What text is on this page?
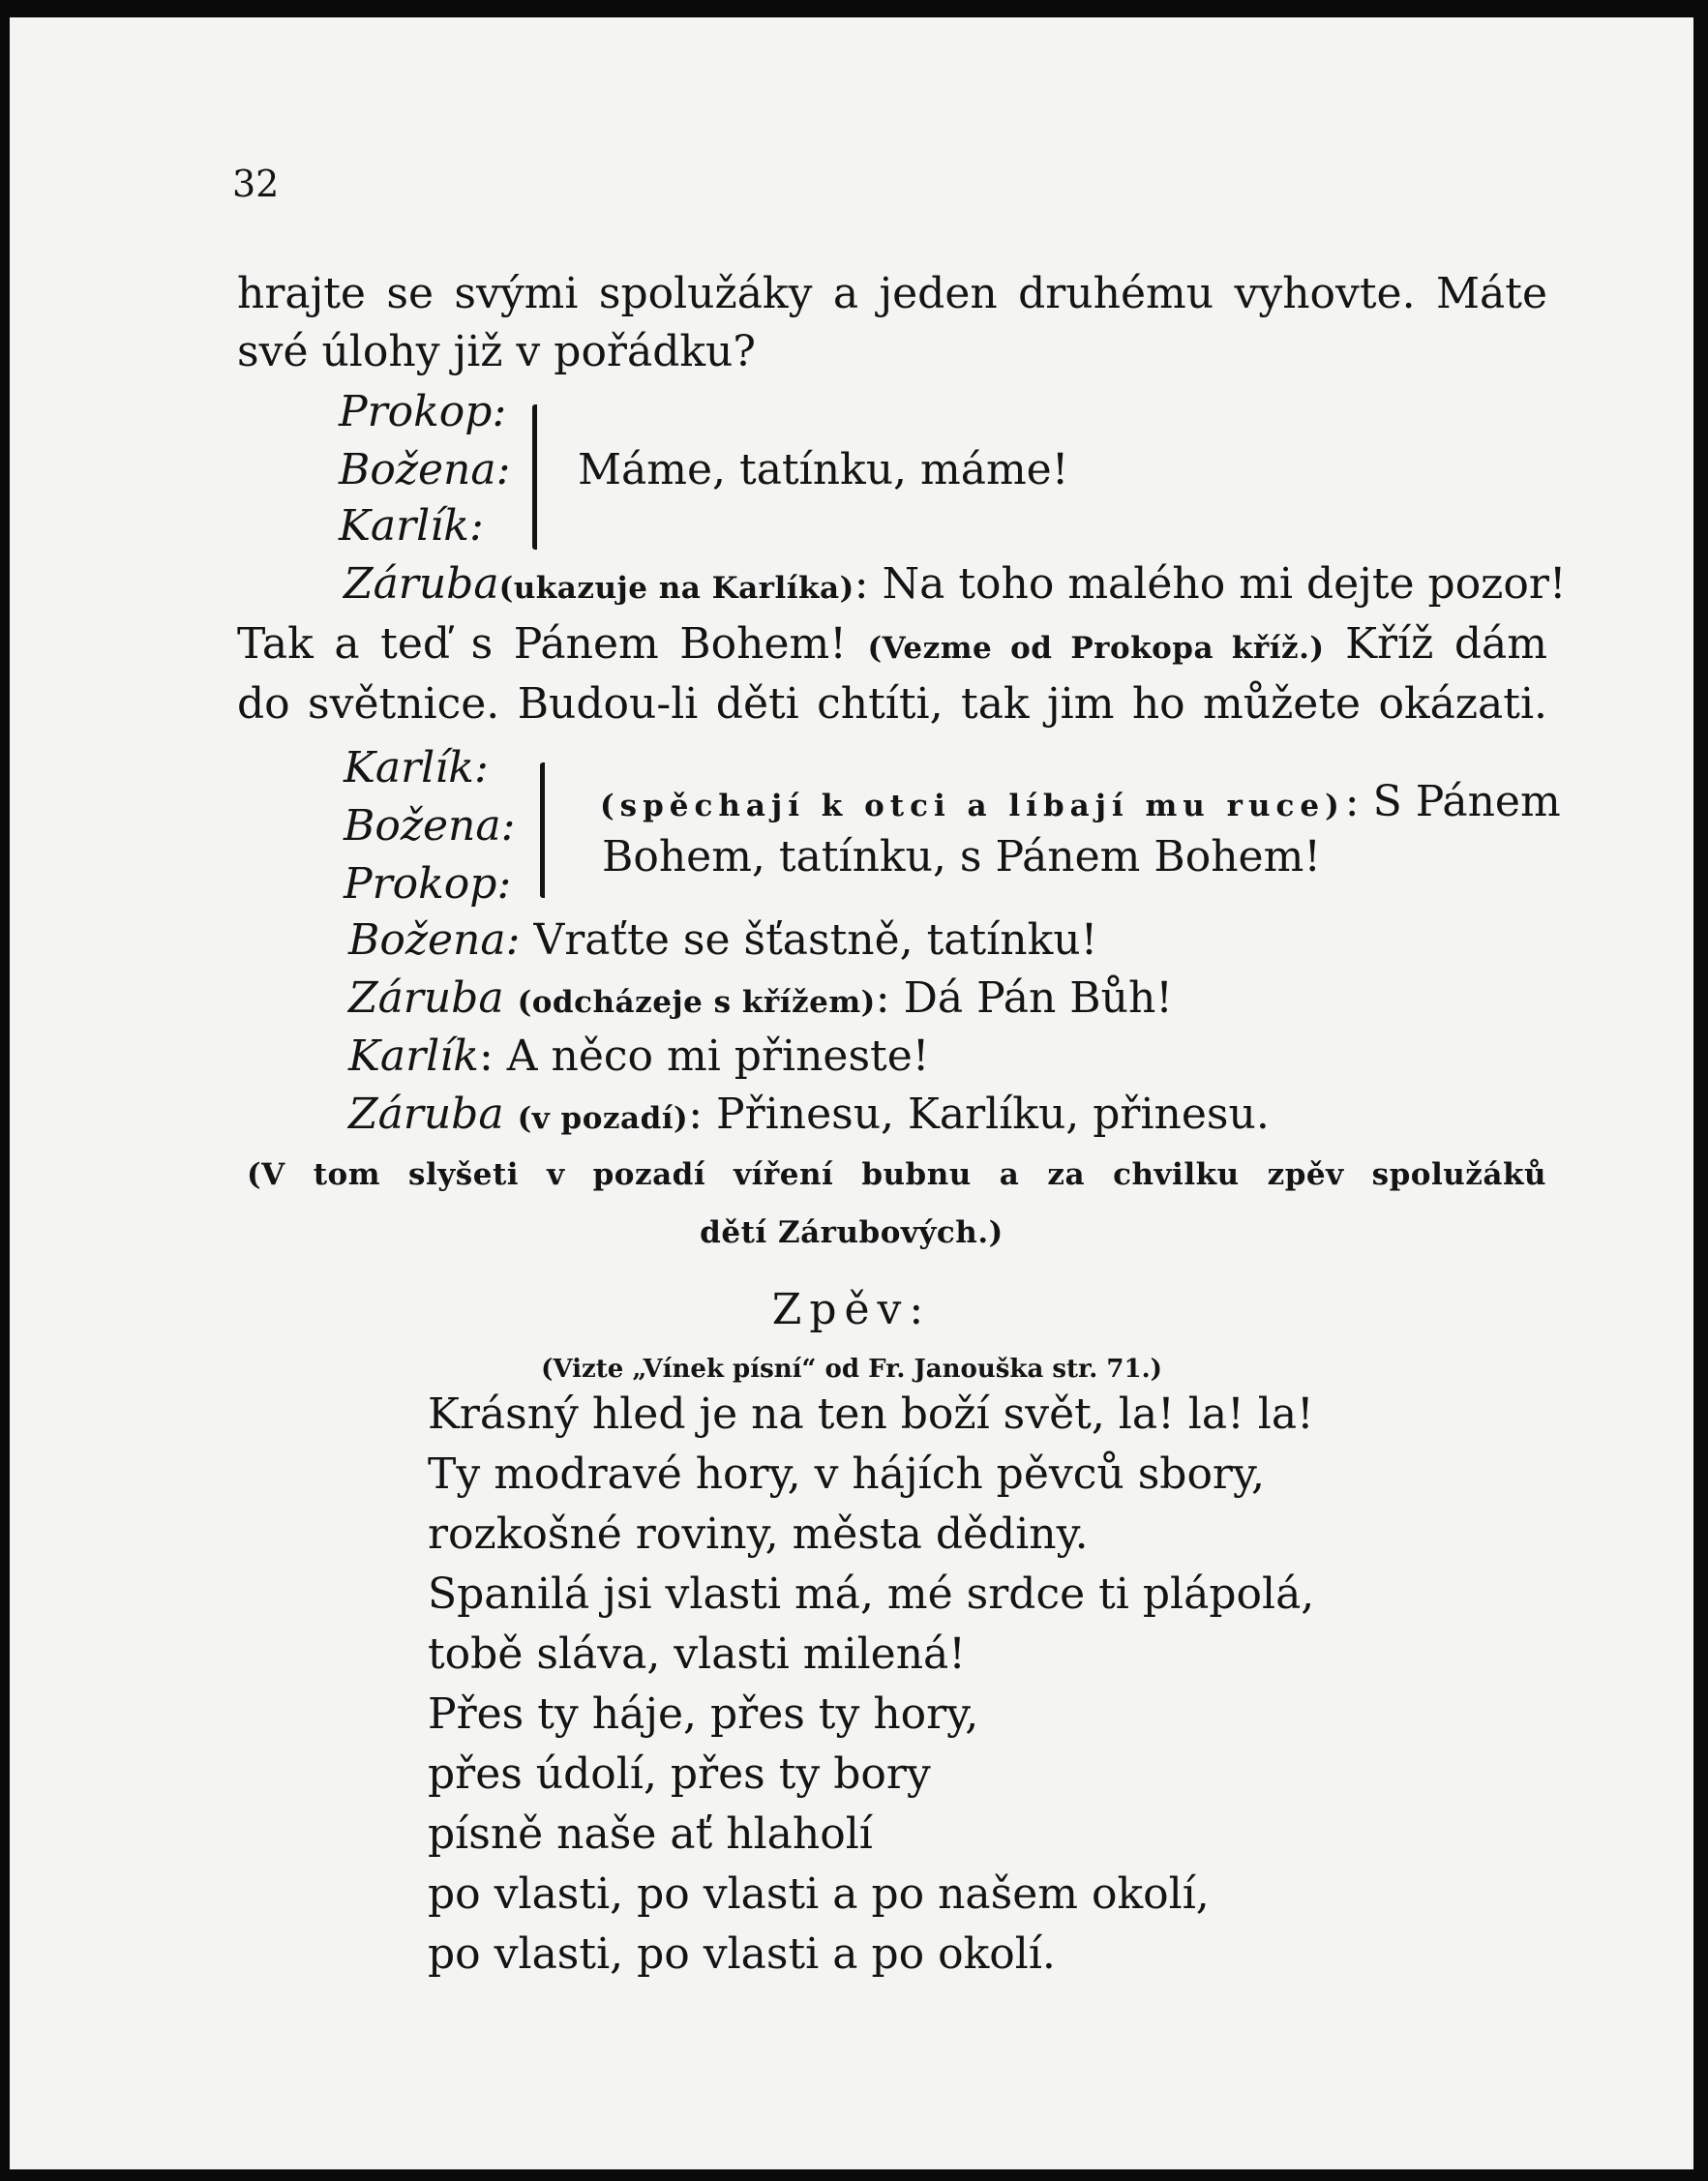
32
hrajte se svými spolužáky a jeden druhému vyhovte. Máte
své úlohy již v pořádku?
Prokop:
Božena:
Karlík:
Máme, tatínku, máme!
Záruba(ukazuje na Karlíka): Na toho malého mi dejte pozor!
Tak a teď s Pánem Bohem! (Vezme od Prokopa kříž.) Kříž dám
do světnice. Budou-li děti chtíti, tak jim ho můžete okázati.
Karlík:
Božena:
Prokop:
(spěchají k otci a líbají mu ruce) : S Pánem
Bohem, tatínku, s Pánem Bohem!
Božena: Vraťte se šťastně, tatínku!
Záruba (odcházeje s křížem): Dá Pán Bůh!
Karlík: A něco mi přineste!
Záruba (v pozadí): Přinesu, Karlíku, přinesu.
(V tom slyšeti v pozadí víření bubnu a za chvilku zpěv spolužáků
dětí Zárubových.)
Zpěv:
(Vizte „Vínek písní“ od Fr. Janouška str. 71.)
Krásný hled je na ten boží svět, la! la! la!
Ty modravé hory, v hájích pěvců sbory,
rozkošné roviny, města dědiny.
Spanilá jsi vlasti má, mé srdce ti plápolá,
tobě sláva, vlasti milená!
Přes ty háje, přes ty hory,
přes údolí, přes ty bory
písně naše ať hlaholí
po vlasti, po vlasti a po našem okolí,
po vlasti, po vlasti a po okolí.
